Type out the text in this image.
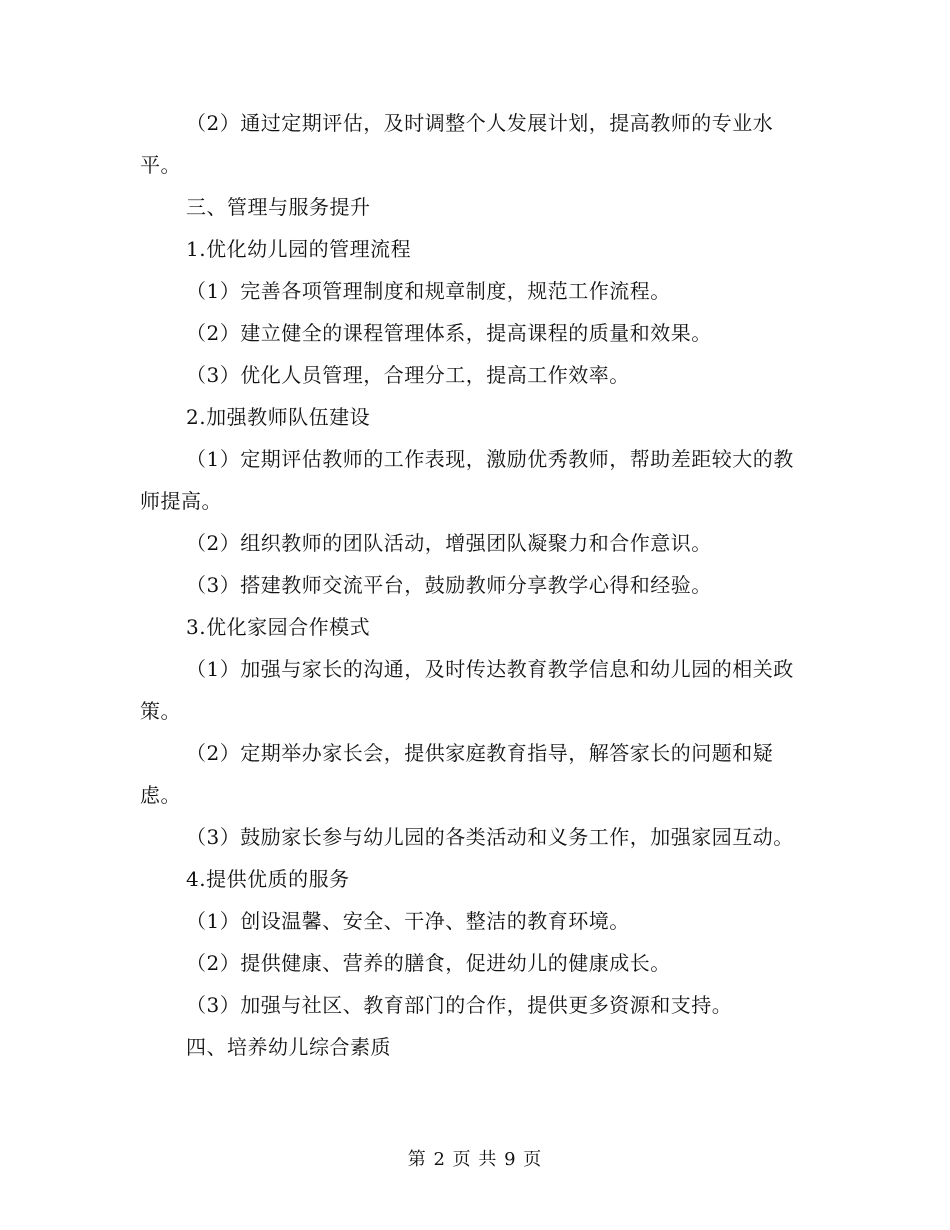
（2）通过定期评估，及时调整个人发展计划，提高教师的专业水平。

三、管理与服务提升

1.优化幼儿园的管理流程

（1）完善各项管理制度和规章制度，规范工作流程。

（2）建立健全的课程管理体系，提高课程的质量和效果。

（3）优化人员管理，合理分工，提高工作效率。

2.加强教师队伍建设

（1）定期评估教师的工作表现，激励优秀教师，帮助差距较大的教师提高。

（2）组织教师的团队活动，增强团队凝聚力和合作意识。

（3）搭建教师交流平台，鼓励教师分享教学心得和经验。

3.优化家园合作模式

（1）加强与家长的沟通，及时传达教育教学信息和幼儿园的相关政策。

（2）定期举办家长会，提供家庭教育指导，解答家长的问题和疑虑。

（3）鼓励家长参与幼儿园的各类活动和义务工作，加强家园互动。

4.提供优质的服务

（1）创设温馨、安全、干净、整洁的教育环境。

（2）提供健康、营养的膳食，促进幼儿的健康成长。

（3）加强与社区、教育部门的合作，提供更多资源和支持。

四、培养幼儿综合素质

第 2 页 共 9 页
